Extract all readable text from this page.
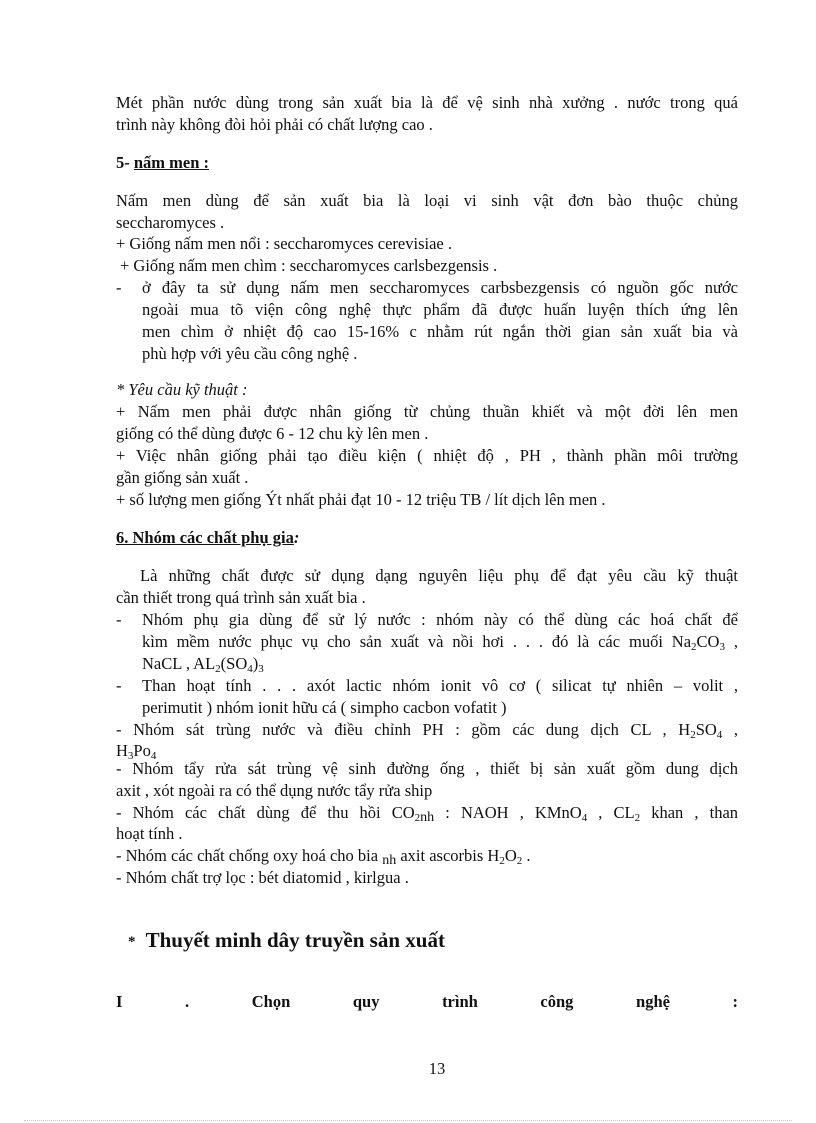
Mét phần nước dùng trong sản xuất bia là để vệ sinh nhà xưởng . nước trong quá
trình này không đòi hỏi phải có chất lượng cao .
5- nấm men :
Nấm men dùng để sản xuất bia là loại vi sinh vật đơn bào thuộc chủng
seccharomyces .
+ Giống nấm men nổi : seccharomyces cerevisiae .
+ Giống nấm men chìm : seccharomyces carlsbezgensis .
- ở đây ta sử dụng nấm men seccharomyces carbsbezgensis có nguồn gốc nước
ngoài mua tõ viện công nghệ thực phẩm đã được huấn luyện thích ứng lên
men chìm ở nhiệt độ cao 15-16% c nhằm rút ngắn thời gian sản xuất bia và
phù hợp với yêu cầu công nghệ .
* Yêu cầu kỹ thuật :
+ Nấm men phải được nhân giống từ chủng thuần khiết và một đời lên men
giống có thể dùng được 6 - 12 chu kỳ lên men .
+ Việc nhân giống phải tạo điều kiện ( nhiệt độ , PH , thành phần môi trường
gần giống sản xuất .
+ số lượng men giống Ýt nhất phải đạt 10 - 12 triệu TB / lít dịch lên men .
6. Nhóm các chất phụ gia:
Là những chất được sử dụng dạng nguyên liệu phụ để đạt yêu cầu kỹ thuật
cần thiết trong quá trình sản xuất bia .
- Nhóm phụ gia dùng để sử lý nước : nhóm này có thể dùng các hoá chất để
kìm mềm nước phục vụ cho sản xuất và nồi hơi . . . đó là các muối $Na_2CO_3$ ,
NaCL , $AL_2(SO_4)_3$
- Than hoạt tính . . . axót lactic nhóm ionit vô cơ ( silicat tự nhiên – volit ,
perimutit ) nhóm ionit hữu cá ( simpho cacbon vofatit )
- Nhóm sát trùng nước và điều chỉnh PH : gồm các dung dịch CL , $H_2SO_4$ ,
$H_3Po_4$
- Nhóm tẩy rửa sát trùng vệ sinh đường ống , thiết bị sản xuất gồm dung dịch
axit , xót ngoài ra có thể dụng nước tẩy rửa ship
- Nhóm các chất dùng để thu hồi $CO_2nh$ : NAOH , KMnO$_4$ , $CL_2$ khan , than
hoạt tính .
- Nhóm các chất chống oxy hoá cho bia nh axit ascorbis $H_2O_2$ .
- Nhóm chất trợ lọc : bét diatomid , kirlgua .
* Thuyết minh dây truyền sản xuất
I	.	Chọn	quy	trình	công	nghệ	:
13
